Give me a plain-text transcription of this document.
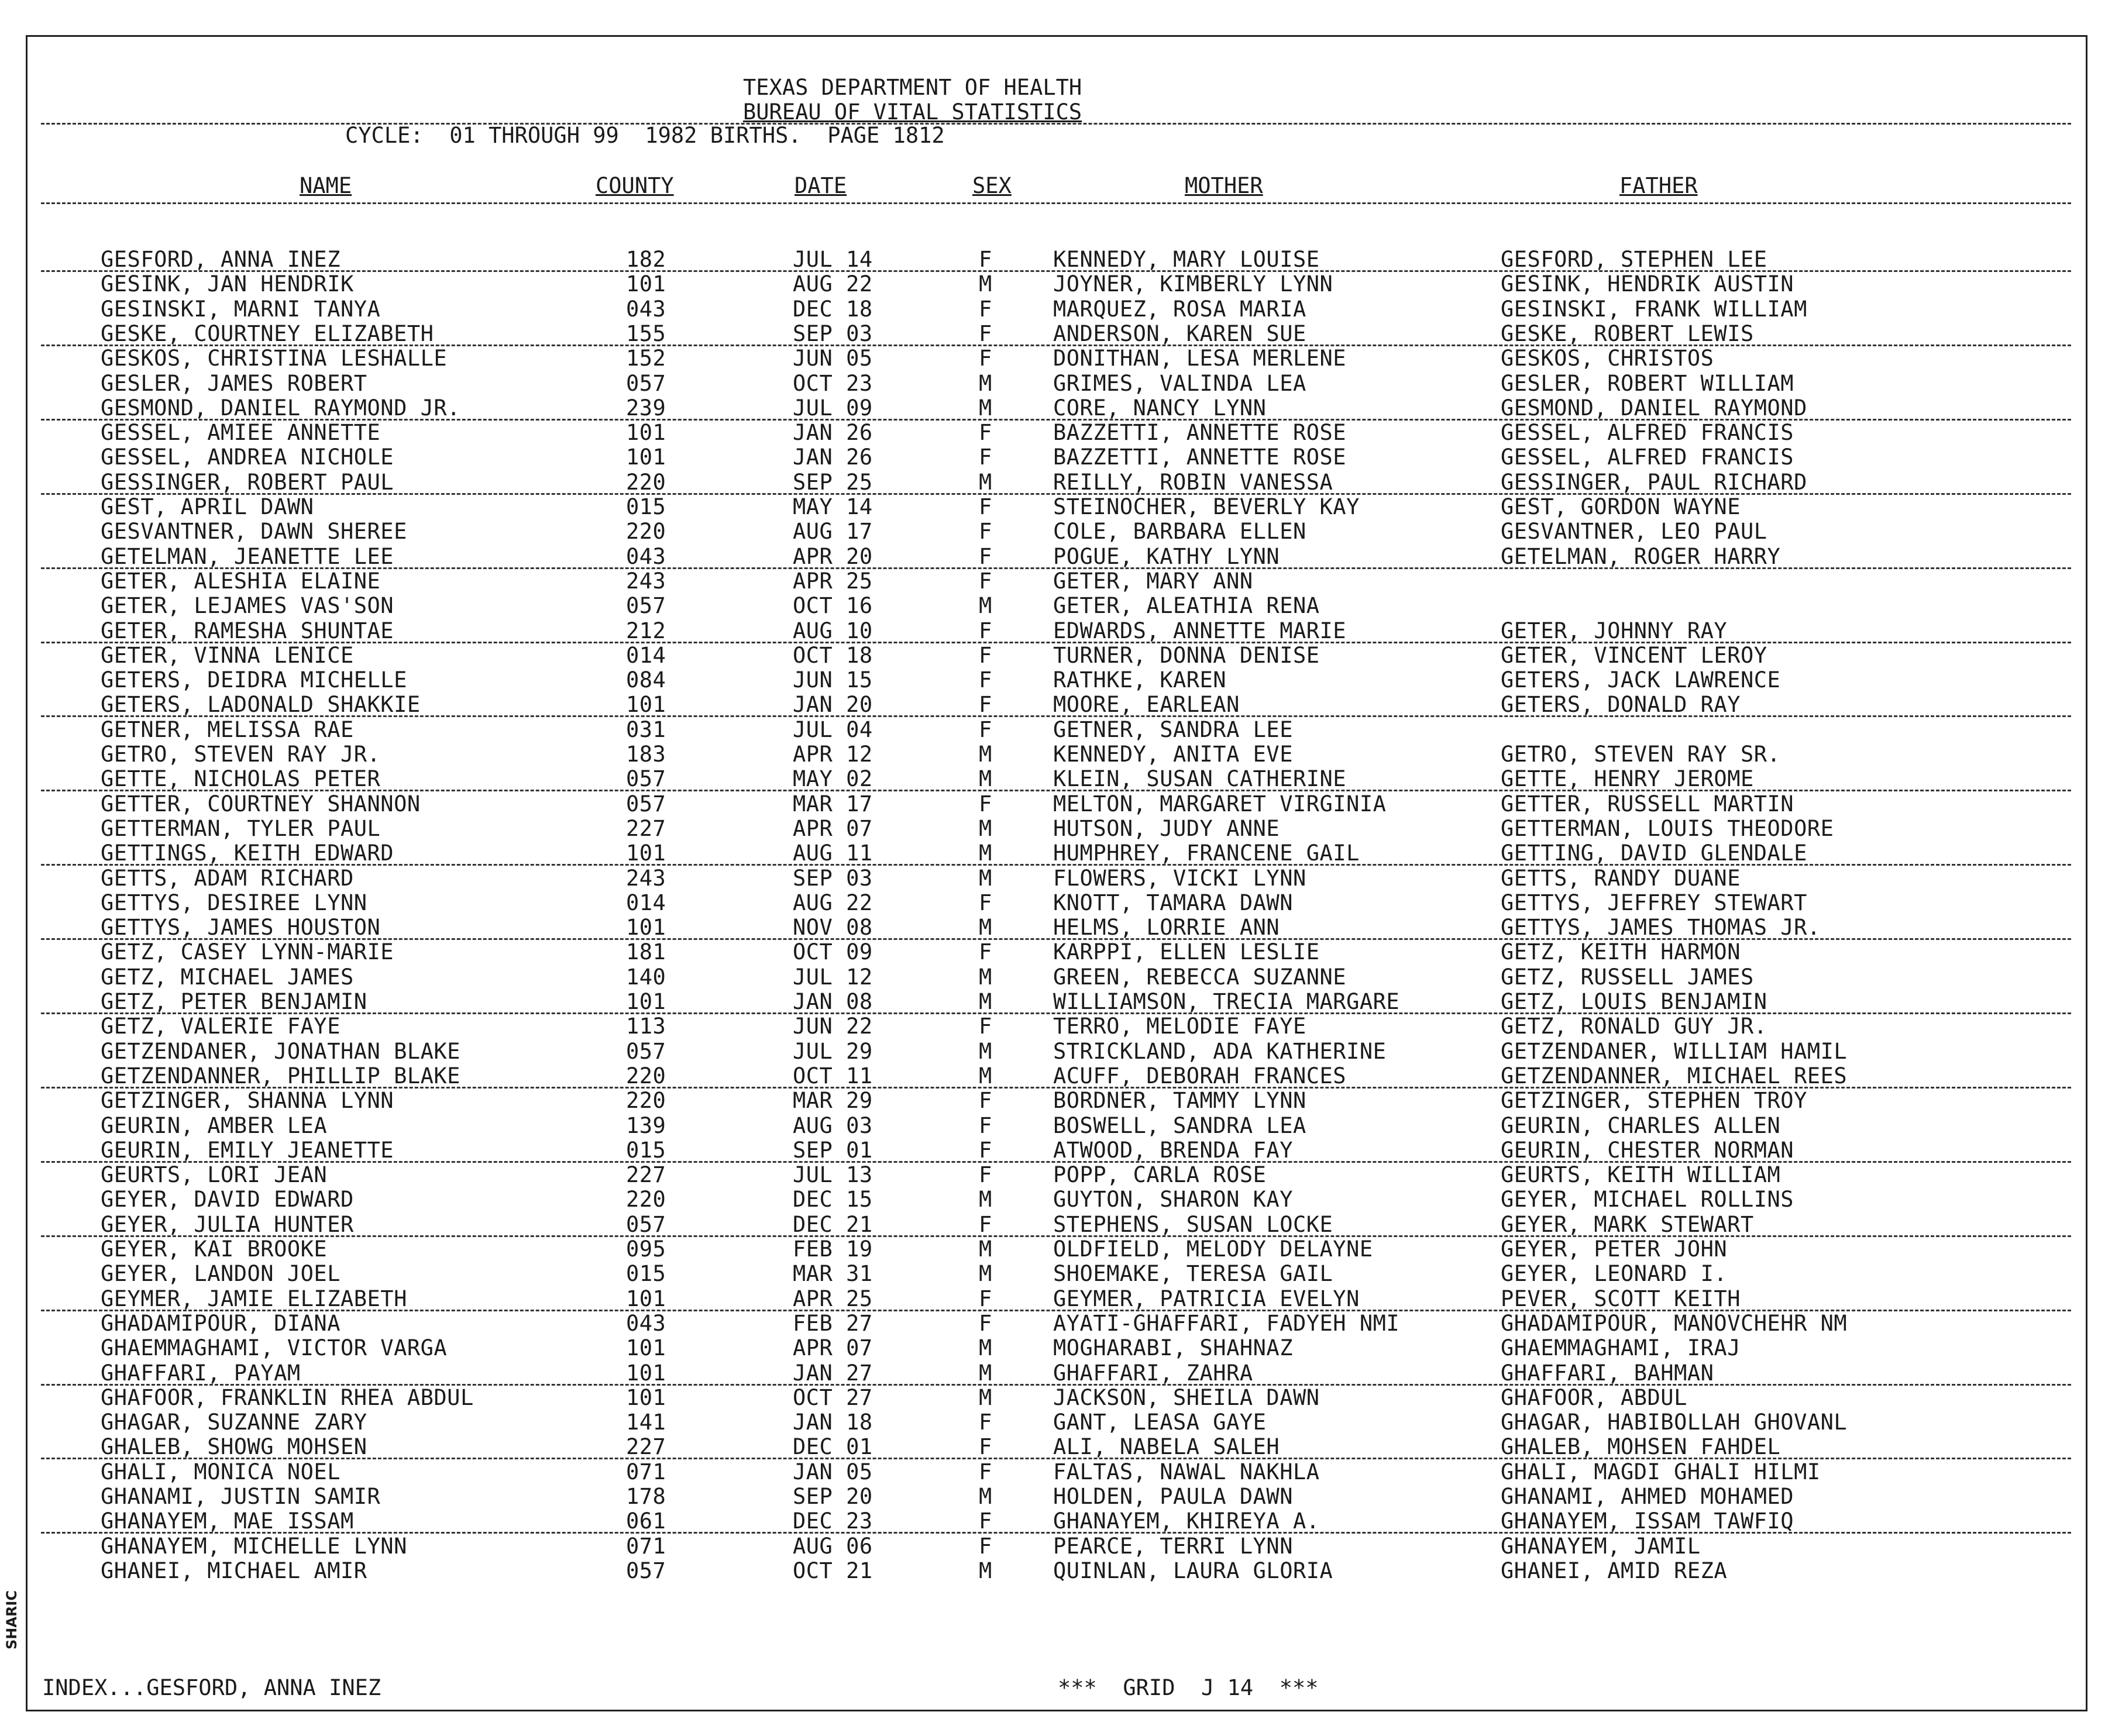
TEXAS DEPARTMENT OF HEALTH
BUREAU OF VITAL STATISTICS
CYCLE:  01 THROUGH 99  1982 BIRTHS.  PAGE 1812
NAME	COUNTY	DATE	SEX	MOTHER	FATHER
GESFORD, ANNA INEZ	182	JUL 14	F	KENNEDY, MARY LOUISE	GESFORD, STEPHEN LEE
GESINK, JAN HENDRIK	101	AUG 22	M	JOYNER, KIMBERLY LYNN	GESINK, HENDRIK AUSTIN
GESINSKI, MARNI TANYA	043	DEC 18	F	MARQUEZ, ROSA MARIA	GESINSKI, FRANK WILLIAM
GESKE, COURTNEY ELIZABETH	155	SEP 03	F	ANDERSON, KAREN SUE	GESKE, ROBERT LEWIS
GESKOS, CHRISTINA LESHALLE	152	JUN 05	F	DONITHAN, LESA MERLENE	GESKOS, CHRISTOS
GESLER, JAMES ROBERT	057	OCT 23	M	GRIMES, VALINDA LEA	GESLER, ROBERT WILLIAM
GESMOND, DANIEL RAYMOND JR.	239	JUL 09	M	CORE, NANCY LYNN	GESMOND, DANIEL RAYMOND
GESSEL, AMIEE ANNETTE	101	JAN 26	F	BAZZETTI, ANNETTE ROSE	GESSEL, ALFRED FRANCIS
GESSEL, ANDREA NICHOLE	101	JAN 26	F	BAZZETTI, ANNETTE ROSE	GESSEL, ALFRED FRANCIS
GESSINGER, ROBERT PAUL	220	SEP 25	M	REILLY, ROBIN VANESSA	GESSINGER, PAUL RICHARD
GEST, APRIL DAWN	015	MAY 14	F	STEINOCHER, BEVERLY KAY	GEST, GORDON WAYNE
GESVANTNER, DAWN SHEREE	220	AUG 17	F	COLE, BARBARA ELLEN	GESVANTNER, LEO PAUL
GETELMAN, JEANETTE LEE	043	APR 20	F	POGUE, KATHY LYNN	GETELMAN, ROGER HARRY
GETER, ALESHIA ELAINE	243	APR 25	F	GETER, MARY ANN
GETER, LEJAMES VAS'SON	057	OCT 16	M	GETER, ALEATHIA RENA
GETER, RAMESHA SHUNTAE	212	AUG 10	F	EDWARDS, ANNETTE MARIE	GETER, JOHNNY RAY
GETER, VINNA LENICE	014	OCT 18	F	TURNER, DONNA DENISE	GETER, VINCENT LEROY
GETERS, DEIDRA MICHELLE	084	JUN 15	F	RATHKE, KAREN	GETERS, JACK LAWRENCE
GETERS, LADONALD SHAKKIE	101	JAN 20	F	MOORE, EARLEAN	GETERS, DONALD RAY
GETNER, MELISSA RAE	031	JUL 04	F	GETNER, SANDRA LEE
GETRO, STEVEN RAY JR.	183	APR 12	M	KENNEDY, ANITA EVE	GETRO, STEVEN RAY SR.
GETTE, NICHOLAS PETER	057	MAY 02	M	KLEIN, SUSAN CATHERINE	GETTE, HENRY JEROME
GETTER, COURTNEY SHANNON	057	MAR 17	F	MELTON, MARGARET VIRGINIA	GETTER, RUSSELL MARTIN
GETTERMAN, TYLER PAUL	227	APR 07	M	HUTSON, JUDY ANNE	GETTERMAN, LOUIS THEODORE
GETTINGS, KEITH EDWARD	101	AUG 11	M	HUMPHREY, FRANCENE GAIL	GETTING, DAVID GLENDALE
GETTS, ADAM RICHARD	243	SEP 03	M	FLOWERS, VICKI LYNN	GETTS, RANDY DUANE
GETTYS, DESIREE LYNN	014	AUG 22	F	KNOTT, TAMARA DAWN	GETTYS, JEFFREY STEWART
GETTYS, JAMES HOUSTON	101	NOV 08	M	HELMS, LORRIE ANN	GETTYS, JAMES THOMAS JR.
GETZ, CASEY LYNN-MARIE	181	OCT 09	F	KARPPI, ELLEN LESLIE	GETZ, KEITH HARMON
GETZ, MICHAEL JAMES	140	JUL 12	M	GREEN, REBECCA SUZANNE	GETZ, RUSSELL JAMES
GETZ, PETER BENJAMIN	101	JAN 08	M	WILLIAMSON, TRECIA MARGARE	GETZ, LOUIS BENJAMIN
GETZ, VALERIE FAYE	113	JUN 22	F	TERRO, MELODIE FAYE	GETZ, RONALD GUY JR.
GETZENDANER, JONATHAN BLAKE	057	JUL 29	M	STRICKLAND, ADA KATHERINE	GETZENDANER, WILLIAM HAMIL
GETZENDANNER, PHILLIP BLAKE	220	OCT 11	M	ACUFF, DEBORAH FRANCES	GETZENDANNER, MICHAEL REES
GETZINGER, SHANNA LYNN	220	MAR 29	F	BORDNER, TAMMY LYNN	GETZINGER, STEPHEN TROY
GEURIN, AMBER LEA	139	AUG 03	F	BOSWELL, SANDRA LEA	GEURIN, CHARLES ALLEN
GEURIN, EMILY JEANETTE	015	SEP 01	F	ATWOOD, BRENDA FAY	GEURIN, CHESTER NORMAN
GEURTS, LORI JEAN	227	JUL 13	F	POPP, CARLA ROSE	GEURTS, KEITH WILLIAM
GEYER, DAVID EDWARD	220	DEC 15	M	GUYTON, SHARON KAY	GEYER, MICHAEL ROLLINS
GEYER, JULIA HUNTER	057	DEC 21	F	STEPHENS, SUSAN LOCKE	GEYER, MARK STEWART
GEYER, KAI BROOKE	095	FEB 19	M	OLDFIELD, MELODY DELAYNE	GEYER, PETER JOHN
GEYER, LANDON JOEL	015	MAR 31	M	SHOEMAKE, TERESA GAIL	GEYER, LEONARD I.
GEYMER, JAMIE ELIZABETH	101	APR 25	F	GEYMER, PATRICIA EVELYN	PEVER, SCOTT KEITH
GHADAMIPOUR, DIANA	043	FEB 27	F	AYATI-GHAFFARI, FADYEH NMI	GHADAMIPOUR, MANOVCHEHR NM
GHAEMMAGHAMI, VICTOR VARGA	101	APR 07	M	MOGHARABI, SHAHNAZ	GHAEMMAGHAMI, IRAJ
GHAFFARI, PAYAM	101	JAN 27	M	GHAFFARI, ZAHRA	GHAFFARI, BAHMAN
GHAFOOR, FRANKLIN RHEA ABDUL	101	OCT 27	M	JACKSON, SHEILA DAWN	GHAFOOR, ABDUL
GHAGAR, SUZANNE ZARY	141	JAN 18	F	GANT, LEASA GAYE	GHAGAR, HABIBOLLAH GHOVANL
GHALEB, SHOWG MOHSEN	227	DEC 01	F	ALI, NABELA SALEH	GHALEB, MOHSEN FAHDEL
GHALI, MONICA NOEL	071	JAN 05	F	FALTAS, NAWAL NAKHLA	GHALI, MAGDI GHALI HILMI
GHANAMI, JUSTIN SAMIR	178	SEP 20	M	HOLDEN, PAULA DAWN	GHANAMI, AHMED MOHAMED
GHANAYEM, MAE ISSAM	061	DEC 23	F	GHANAYEM, KHIREYA A.	GHANAYEM, ISSAM TAWFIQ
GHANAYEM, MICHELLE LYNN	071	AUG 06	F	PEARCE, TERRI LYNN	GHANAYEM, JAMIL
GHANEI, MICHAEL AMIR	057	OCT 21	M	QUINLAN, LAURA GLORIA	GHANEI, AMID REZA
INDEX...GESFORD, ANNA INEZ	***  GRID  J 14  ***
SHARIC
